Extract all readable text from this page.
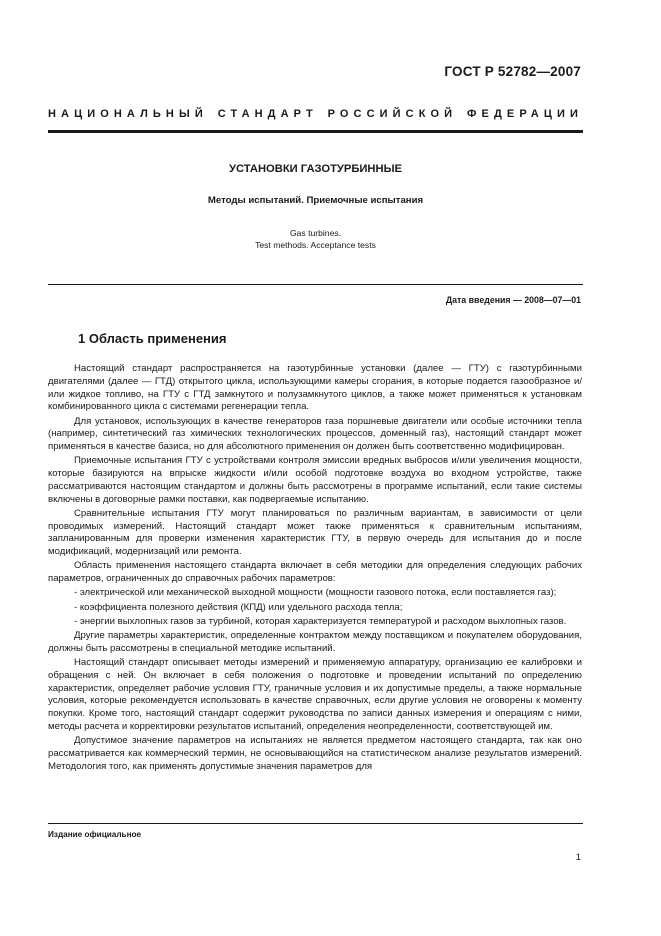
ГОСТ Р 52782—2007
НАЦИОНАЛЬНЫЙ СТАНДАРТ РОССИЙСКОЙ ФЕДЕРАЦИИ
УСТАНОВКИ ГАЗОТУРБИННЫЕ
Методы испытаний. Приемочные испытания
Gas turbines.
Test methods. Acceptance tests
Дата введения — 2008—07—01
1 Область применения

Настоящий стандарт распространяется на газотурбинные установки (далее — ГТУ) с газотурбинными двигателями (далее — ГТД) открытого цикла, использующими камеры сгорания, в которые подается газообразное и/или жидкое топливо, на ГТУ с ГТД замкнутого и полузамкнутого циклов, а также может применяться к установкам комбинированного цикла с системами регенерации тепла.

Для установок, использующих в качестве генераторов газа поршневые двигатели или особые источники тепла (например, синтетический газ химических технологических процессов, доменный газ), настоящий стандарт может применяться в качестве базиса, но для абсолютного применения он должен быть соответственно модифицирован.

Приемочные испытания ГТУ с устройствами контроля эмиссии вредных выбросов и/или увеличения мощности, которые базируются на впрыске жидкости и/или особой подготовке воздуха во входном устройстве, также рассматриваются настоящим стандартом и должны быть рассмотрены в программе испытаний, если такие системы включены в договорные рамки поставки, как подвергаемые испытанию.

Сравнительные испытания ГТУ могут планироваться по различным вариантам, в зависимости от цели проводимых измерений. Настоящий стандарт может также применяться к сравнительным испытаниям, запланированным для проверки изменения характеристик ГТУ, в первую очередь для испытания до и после модификаций, модернизаций или ремонта.

Область применения настоящего стандарта включает в себя методики для определения следующих рабочих параметров, ограниченных до справочных рабочих параметров:

- электрической или механической выходной мощности (мощности газового потока, если поставляется газ);

- коэффициента полезного действия (КПД) или удельного расхода тепла;

- энергии выхлопных газов за турбиной, которая характеризуется температурой и расходом выхлопных газов.

Другие параметры характеристик, определенные контрактом между поставщиком и покупателем оборудования, должны быть рассмотрены в специальной методике испытаний.

Настоящий стандарт описывает методы измерений и применяемую аппаратуру, организацию ее калибровки и обращения с ней. Он включает в себя положения о подготовке и проведении испытаний по определению характеристик, определяет рабочие условия ГТУ, граничные условия и их допустимые пределы, а также нормальные условия, которые рекомендуется использовать в качестве справочных, если другие условия не оговорены к моменту покупки. Кроме того, настоящий стандарт содержит руководства по записи данных измерения и операциям с ними, методы расчета и корректировки результатов испытаний, определения неопределенности, соответствующей им.

Допустимое значение параметров на испытаниях не является предметом настоящего стандарта, так как оно рассматривается как коммерческий термин, не основывающийся на статистическом анализе результатов измерений. Методология того, как применять допустимые значения параметров для

Издание официальное
1
